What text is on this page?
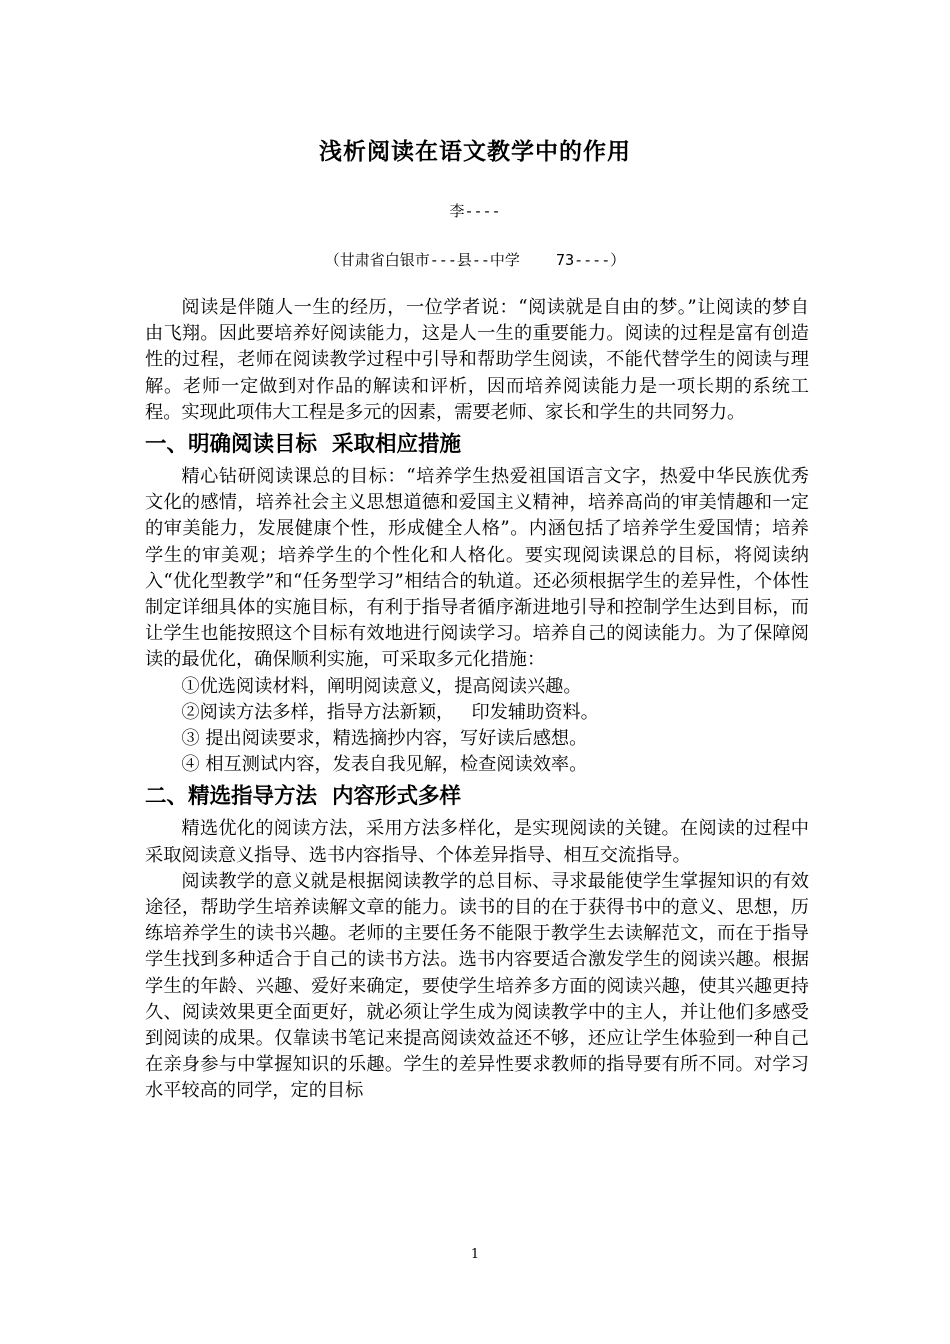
浅析阅读在语文教学中的作用
李----
（甘肃省白银市---县--中学    73----）

阅读是伴随人一生的经历，一位学者说：“阅读就是自由的梦。”让阅读的梦自由飞翔。因此要培养好阅读能力，这是人一生的重要能力。阅读的过程是富有创造性的过程，老师在阅读教学过程中引导和帮助学生阅读，不能代替学生的阅读与理解。老师一定做到对作品的解读和评析，因而培养阅读能力是一项长期的系统工程。实现此项伟大工程是多元的因素，需要老师、家长和学生的共同努力。

一、明确阅读目标  采取相应措施

精心钻研阅读课总的目标：“培养学生热爱祖国语言文字，热爱中华民族优秀文化的感情，培养社会主义思想道德和爱国主义精神，培养高尚的审美情趣和一定的审美能力，发展健康个性，形成健全人格”。内涵包括了培养学生爱国情；培养学生的审美观；培养学生的个性化和人格化。要实现阅读课总的目标，将阅读纳入“优化型教学”和“任务型学习”相结合的轨道。还必须根据学生的差异性，个体性制定详细具体的实施目标，有利于指导者循序渐进地引导和控制学生达到目标，而让学生也能按照这个目标有效地进行阅读学习。培养自己的阅读能力。为了保障阅读的最优化，确保顺利实施，可采取多元化措施：

①优选阅读材料，阐明阅读意义，提高阅读兴趣。
②阅读方法多样，指导方法新颖，   印发辅助资料。
③ 提出阅读要求，精选摘抄内容，写好读后感想。
④ 相互测试内容，发表自我见解，检查阅读效率。
二、精选指导方法  内容形式多样

精选优化的阅读方法，采用方法多样化，是实现阅读的关键。在阅读的过程中采取阅读意义指导、选书内容指导、个体差异指导、相互交流指导。

阅读教学的意义就是根据阅读教学的总目标、寻求最能使学生掌握知识的有效途径，帮助学生培养读解文章的能力。读书的目的在于获得书中的意义、思想，历练培养学生的读书兴趣。老师的主要任务不能限于教学生去读解范文，而在于指导学生找到多种适合于自己的读书方法。选书内容要适合激发学生的阅读兴趣。根据学生的年龄、兴趣、爱好来确定，要使学生培养多方面的阅读兴趣，使其兴趣更持久、阅读效果更全面更好，就必须让学生成为阅读教学中的主人，并让他们多感受到阅读的成果。仅靠读书笔记来提高阅读效益还不够，还应让学生体验到一种自己在亲身参与中掌握知识的乐趣。学生的差异性要求教师的指导要有所不同。对学习水平较高的同学，定的目标

1
